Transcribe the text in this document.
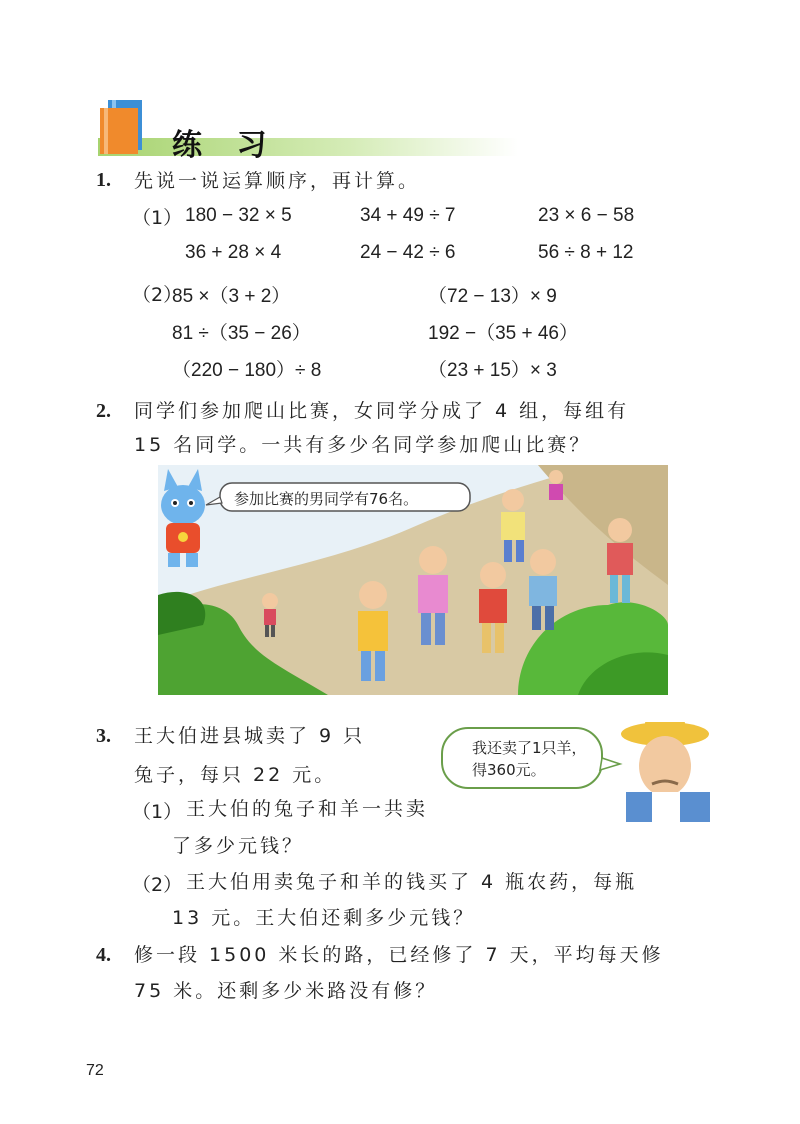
练 习
1. 先说一说运算顺序，再计算。
（1） 180 − 32 × 5	34 + 49 ÷ 7	23 × 6 − 58
36 + 28 × 4	24 − 42 ÷ 6	56 ÷ 8 + 12
（2）
85 ×（3 + 2）	（72 − 13）× 9
81 ÷（35 − 26）	192 −（35 + 46）
（220 − 180）÷ 8	（23 + 15）× 3
2. 同学们参加爬山比赛，女同学分成了 4 组，每组有
15 名同学。一共有多少名同学参加爬山比赛？
参加比赛的男同学有76名。
3. 王大伯进县城卖了 9 只
兔子，每只 22 元。
我还卖了1只羊，
得360元。
（1） 王大伯的兔子和羊一共卖
了多少元钱？
（2） 王大伯用卖兔子和羊的钱买了 4 瓶农药，每瓶
13 元。王大伯还剩多少元钱？
4. 修一段 1500 米长的路，已经修了 7 天，平均每天修
75 米。还剩多少米路没有修？
72
